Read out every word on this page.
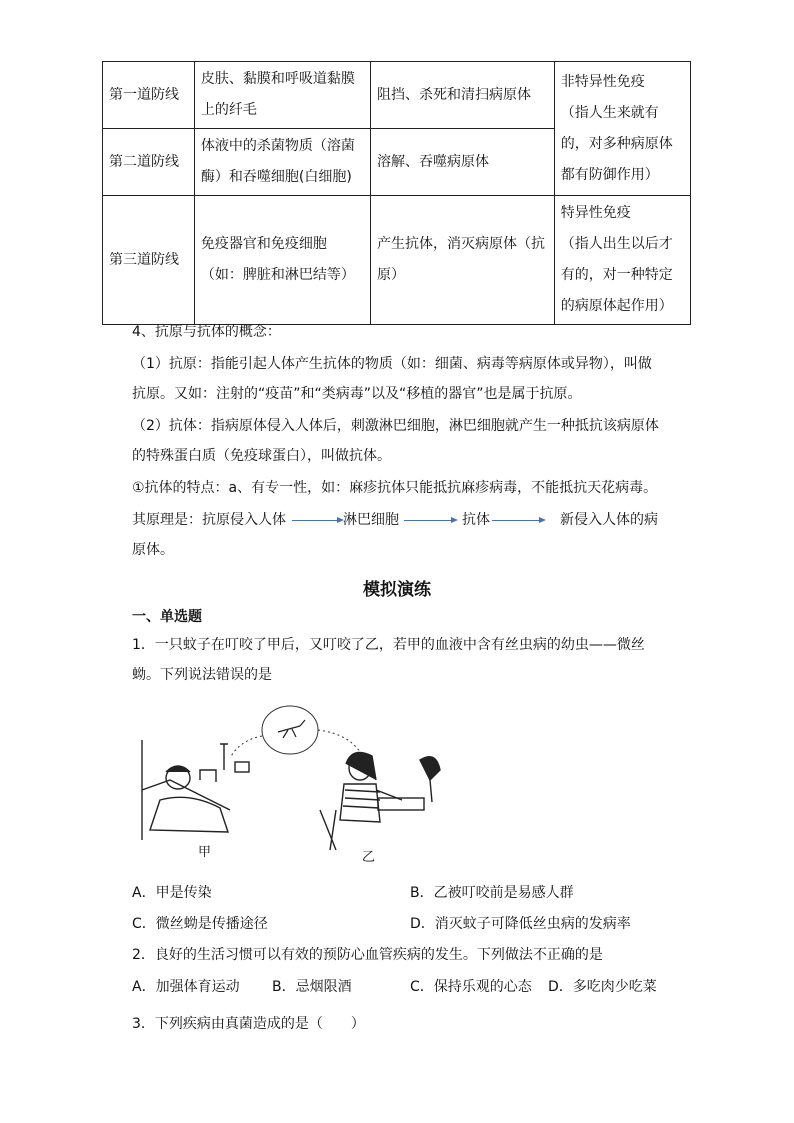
第一道防线	皮肤、黏膜和呼吸道黏膜上的纤毛	阻挡、杀死和清扫病原体	非特异性免疫
（指人生来就有的，对多种病原体都有防御作用）

第二道防线	体液中的杀菌物质（溶菌酶）和吞噬细胞(白细胞)	溶解、吞噬病原体	
第三道防线	免疫器官和免疫细胞（如：脾脏和淋巴结等）	产生抗体，消灭病原体（抗原）	特异性免疫
（指人出生以后才有的，对一种特定的病原体起作用）
4、抗原与抗体的概念：
（1）抗原：指能引起人体产生抗体的物质（如：细菌、病毒等病原体或异物），叫做
抗原。又如：注射的“疫苗”和“类病毒”以及“移植的器官”也是属于抗原。
（2）抗体：指病原体侵入人体后，刺激淋巴细胞，淋巴细胞就产生一种抵抗该病原体
的特殊蛋白质（免疫球蛋白），叫做抗体。
①抗体的特点：a、有专一性，如：麻疹抗体只能抵抗麻疹病毒，不能抵抗天花病毒。
其原理是：抗原侵入人体	淋巴细胞	抗体	新侵入人体的病
原体。
模拟演练
一、单选题
1．一只蚊子在叮咬了甲后，又叮咬了乙，若甲的血液中含有丝虫病的幼虫——微丝
蚴。下列说法错误的是
甲	乙
A．甲是传染	B．乙被叮咬前是易感人群
C．微丝蚴是传播途径	D．消灭蚊子可降低丝虫病的发病率
2．良好的生活习惯可以有效的预防心血管疾病的发生。下列做法不正确的是
A．加强体育运动 B．忌烟限酒	C．保持乐观的心态 D．多吃肉少吃菜
3．下列疾病由真菌造成的是（　　）
